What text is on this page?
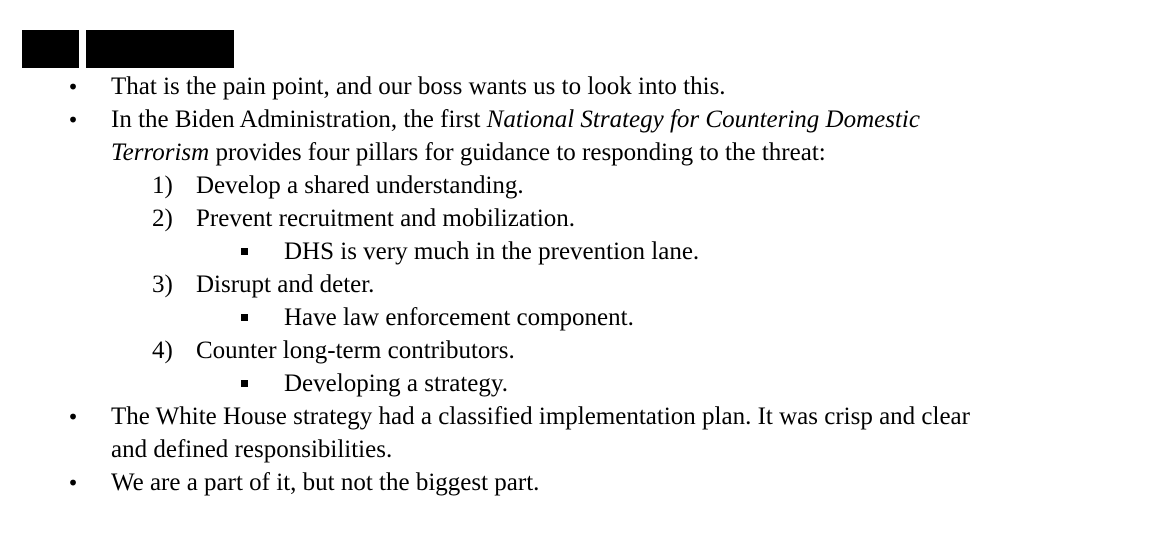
•
That is the pain point, and our boss wants us to look into this.
•
In the Biden Administration, the first National Strategy for Countering Domestic
Terrorism provides four pillars for guidance to responding to the threat:
1) Develop a shared understanding.
2) Prevent recruitment and mobilization.
DHS is very much in the prevention lane.
3) Disrupt and deter.
Have law enforcement component.
4) Counter long-term contributors.
Developing a strategy.
•
The White House strategy had a classified implementation plan. It was crisp and clear
and defined responsibilities.
•
We are a part of it, but not the biggest part.
